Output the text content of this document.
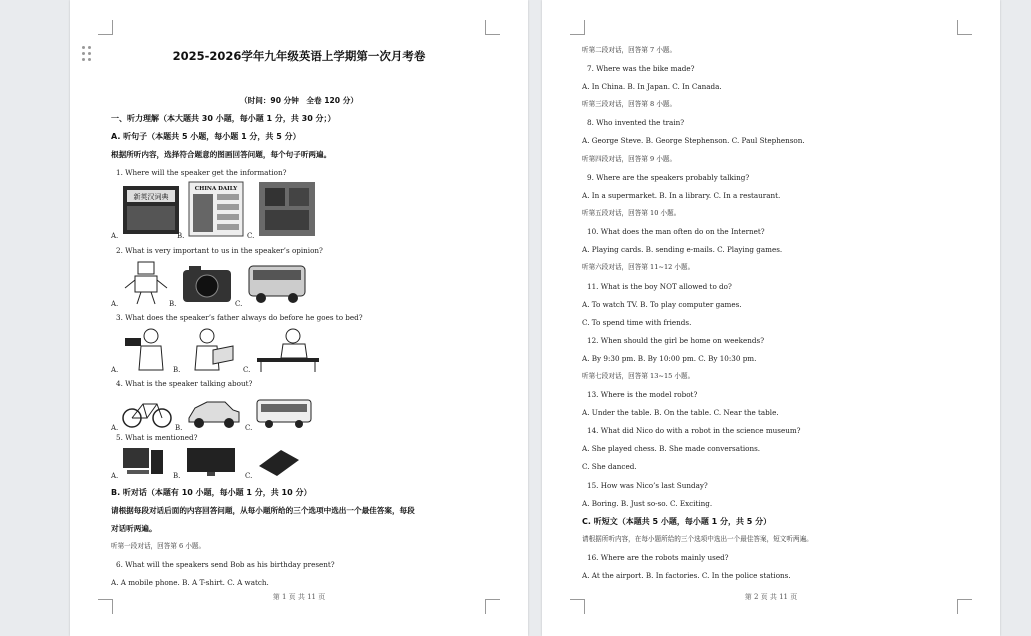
2025-2026学年九年级英语上学期第一次月考卷
（时间：90 分钟　全卷 120 分）
一、听力理解（本大题共 30 小题，每小题 1 分，共 30 分；）
A. 听句子（本题共 5 小题，每小题 1 分，共 5 分）
根据所听内容，选择符合题意的图画回答问题，每个句子听两遍。
1. Where will the speaker get the information?
A.
新英汉词典
B.
CHINA DAILY
C.
2. What is very important to us in the speaker’s opinion?
A.	B.	C.
3. What does the speaker’s father always do before he goes to bed?
A.	B.	C.
4. What is the speaker talking about?
A.	B.	C.
5. What is mentioned?
A.	B.	C.
B. 听对话（本题有 10 小题，每小题 1 分，共 10 分）
请根据每段对话后面的内容回答问题，从每小题所给的三个选项中选出一个最佳答案，每段
对话听两遍。
听第一段对话，回答第 6 小题。
6. What will the speakers send Bob as his birthday present?
A. A mobile phone. B. A T-shirt. C. A watch.
第 1 页 共 11 页
听第二段对话，回答第 7 小题。
7. Where was the bike made?
A. In China. B. In Japan. C. In Canada.
听第三段对话，回答第 8 小题。
8. Who invented the train?
A. George Steve. B. George Stephenson. C. Paul Stephenson.
听第四段对话，回答第 9 小题。
9. Where are the speakers probably talking?
A. In a supermarket. B. In a library. C. In a restaurant.
听第五段对话，回答第 10 小题。
10. What does the man often do on the Internet?
A. Playing cards. B. sending e-mails. C. Playing games.
听第六段对话，回答第 11~12 小题。
11. What is the boy NOT allowed to do?
A. To watch TV. B. To play computer games.
C. To spend time with friends.
12. When should the girl be home on weekends?
A. By 9:30 pm. B. By 10:00 pm. C. By 10:30 pm.
听第七段对话，回答第 13~15 小题。
13. Where is the model robot?
A. Under the table. B. On the table. C. Near the table.
14. What did Nico do with a robot in the science museum?
A. She played chess. B. She made conversations.
C. She danced.
15. How was Nico’s last Sunday?
A. Boring. B. Just so-so. C. Exciting.
C. 听短文（本题共 5 小题，每小题 1 分，共 5 分）
请根据所听内容，在每小题所给的三个选项中选出一个最佳答案，短文听两遍。
16. Where are the robots mainly used?
A. At the airport. B. In factories. C. In the police stations.
第 2 页 共 11 页
